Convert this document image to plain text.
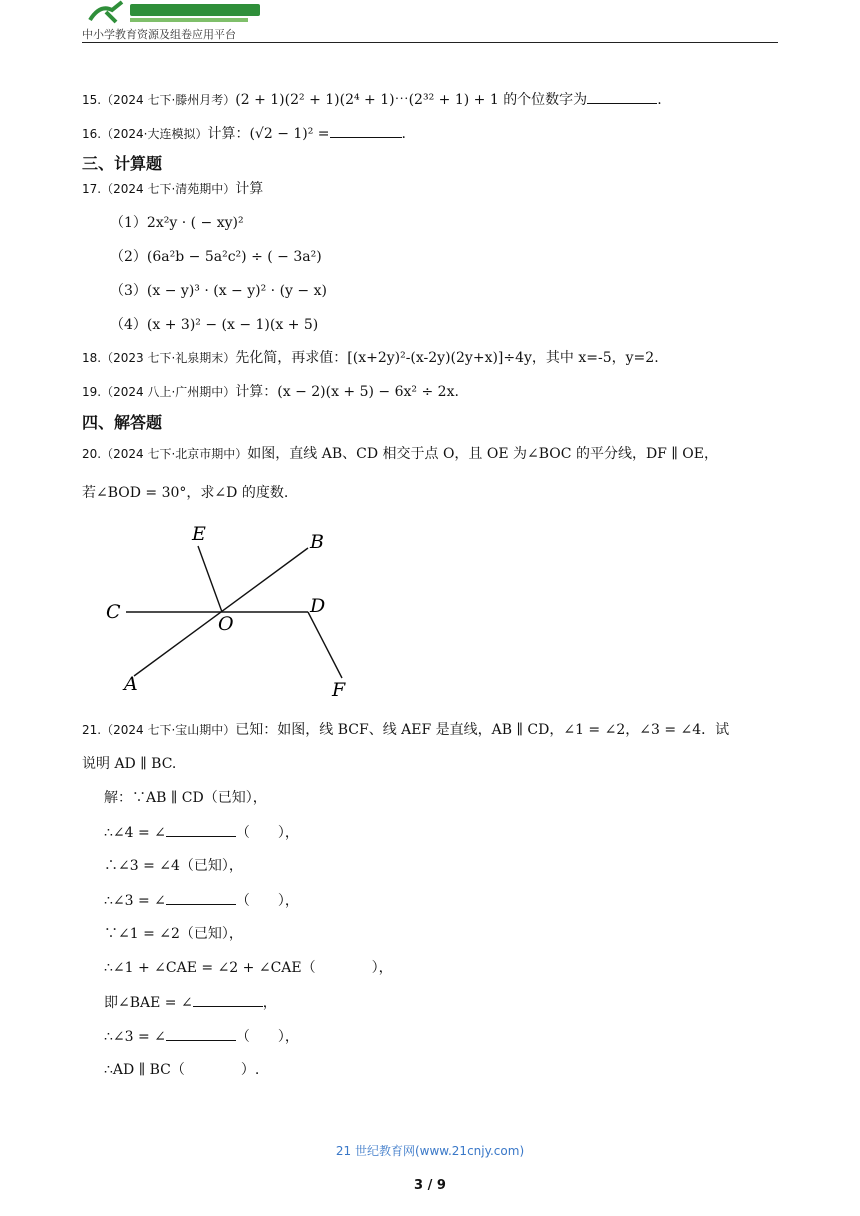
中小学教育资源及组卷应用平台
15.（2024 七下·滕州月考）(2 + 1)(2² + 1)(2⁴ + 1)⋯(2³² + 1) + 1 的个位数字为	.
16.（2024·大连模拟）计算：(√2 − 1)² =	.
三、计算题
17.（2024 七下·清苑期中）计算
（1）2x²y · ( − xy)²
（2）(6a²b − 5a²c²) ÷ ( − 3a²)
（3）(x − y)³ · (x − y)² · (y − x)
（4）(x + 3)² − (x − 1)(x + 5)
18.（2023 七下·礼泉期末）先化简，再求值：[(x+2y)²-(x-2y)(2y+x)]÷4y，其中 x=-5，y=2.
19.（2024 八上·广州期中）计算：(x − 2)(x + 5) − 6x² ÷ 2x.
四、解答题
20.（2024 七下·北京市期中）如图，直线 AB、CD 相交于点 O，且 OE 为∠BOC 的平分线，DF ∥ OE，
若∠BOD = 30°，求∠D 的度数.
E	B
C
O
D
A	F
21.（2024 七下·宝山期中）已知：如图，线 BCF、线 AEF 是直线，AB ∥ CD，∠1 = ∠2，∠3 = ∠4．试
说明 AD ∥ BC.
解：∵AB ∥ CD（已知），
∴∠4 = ∠	（　　），
∴∠3 = ∠4（已知），
∴∠3 = ∠	（　　），
∵∠1 = ∠2（已知），
∴∠1 + ∠CAE = ∠2 + ∠CAE（　　　　），
即∠BAE = ∠	，
∴∠3 = ∠	（　　），
∴AD ∥ BC（　　　　）.
21 世纪教育网(www.21cnjy.com)
3 / 9
